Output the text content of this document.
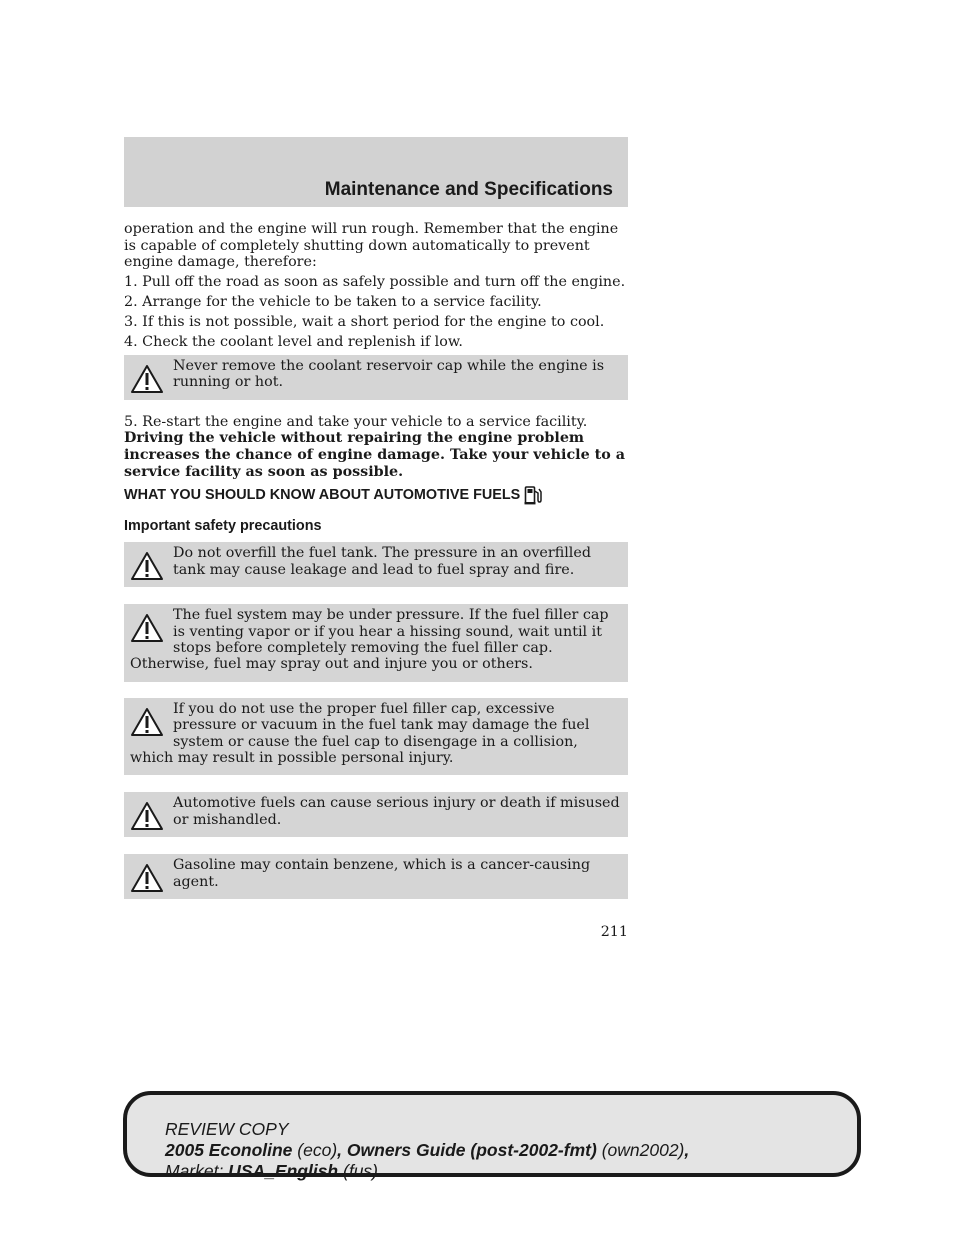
Maintenance and Specifications

operation and the engine will run rough. Remember that the engine is capable of completely shutting down automatically to prevent engine damage, therefore:

1. Pull off the road as soon as safely possible and turn off the engine.

2. Arrange for the vehicle to be taken to a service facility.

3. If this is not possible, wait a short period for the engine to cool.

4. Check the coolant level and replenish if low.

Never remove the coolant reservoir cap while the engine is running or hot.

5. Re-start the engine and take your vehicle to a service facility.

Driving the vehicle without repairing the engine problem increases the chance of engine damage. Take your vehicle to a service facility as soon as possible.

WHAT YOU SHOULD KNOW ABOUT AUTOMOTIVE FUELS

Important safety precautions

Do not overfill the fuel tank. The pressure in an overfilled tank may cause leakage and lead to fuel spray and fire.
The fuel system may be under pressure. If the fuel filler cap is venting vapor or if you hear a hissing sound, wait until it stops before completely removing the fuel filler cap. Otherwise, fuel may spray out and injure you or others.
If you do not use the proper fuel filler cap, excessive pressure or vacuum in the fuel tank may damage the fuel system or cause the fuel cap to disengage in a collision, which may result in possible personal injury.
Automotive fuels can cause serious injury or death if misused or mishandled.
Gasoline may contain benzene, which is a cancer-causing agent.
211
REVIEW COPY
2005 Econoline (eco), Owners Guide (post-2002-fmt) (own2002),
Market: USA_English (fus)
